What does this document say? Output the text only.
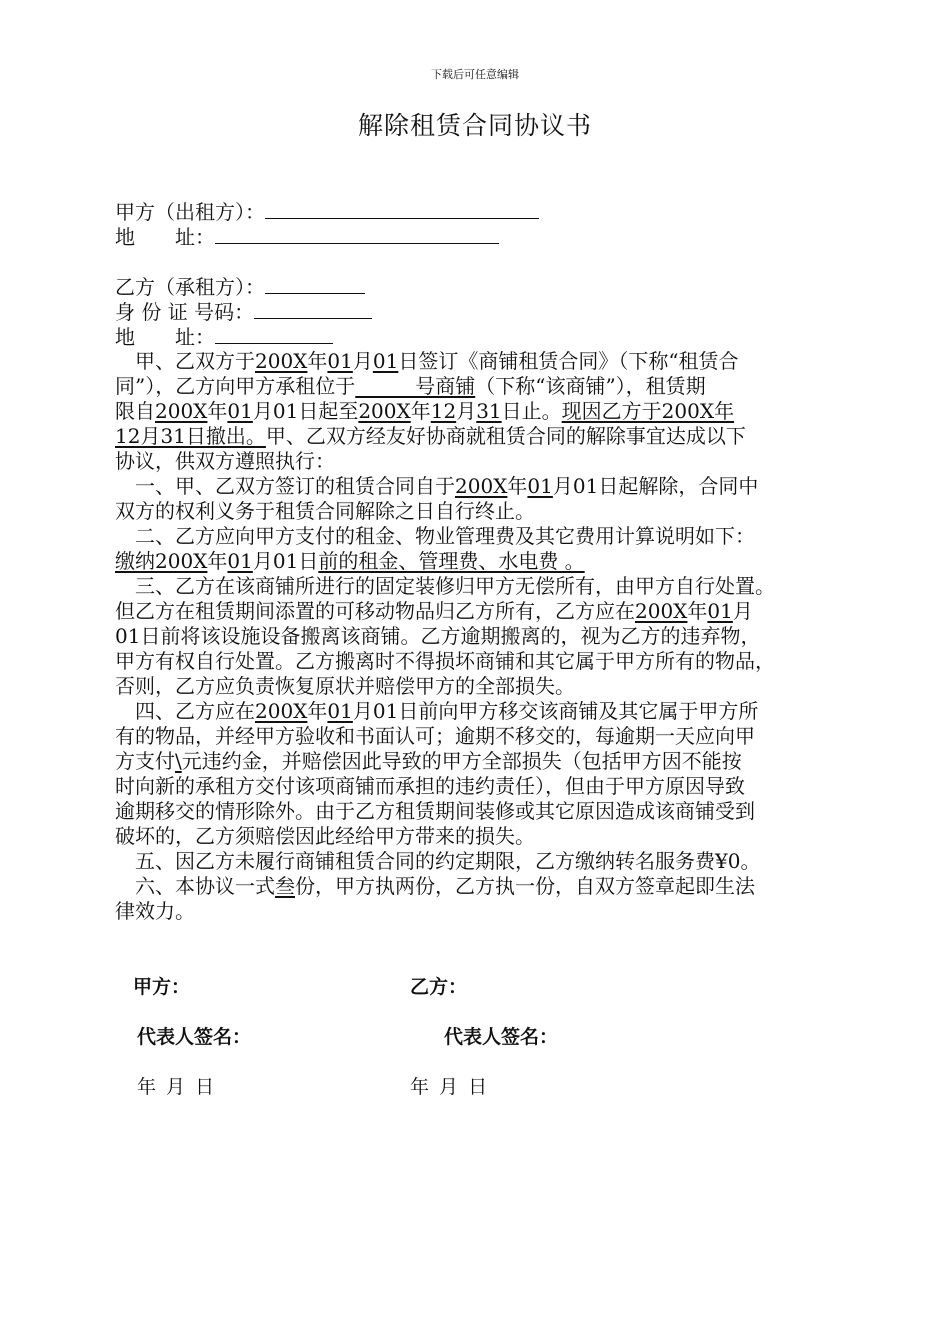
下载后可任意编辑
解除租赁合同协议书
甲方（出租方）：
地　　址：
乙方（承租方）：
身 份 证 号码：
地　　址：
　甲、乙双方于200X年01月01日签订《商铺租赁合同》（下称“租赁合
同”），乙方向甲方承租位于　　　号商铺（下称“该商铺”），租赁期
限自200X年01月01日起至200X年12月31日止。现因乙方于200X年
12月31日撤出。甲、乙双方经友好协商就租赁合同的解除事宜达成以下
协议，供双方遵照执行：
　一、甲、乙双方签订的租赁合同自于200X年01月01日起解除，合同中
双方的权利义务于租赁合同解除之日自行终止。
　二、乙方应向甲方支付的租金、物业管理费及其它费用计算说明如下：
缴纳200X年01月01日前的租金、管理费、水电费 。
　三、乙方在该商铺所进行的固定装修归甲方无偿所有，由甲方自行处置。
但乙方在租赁期间添置的可移动物品归乙方所有，乙方应在200X年01月
01日前将该设施设备搬离该商铺。乙方逾期搬离的，视为乙方的违弃物，
甲方有权自行处置。乙方搬离时不得损坏商铺和其它属于甲方所有的物品，
否则，乙方应负责恢复原状并赔偿甲方的全部损失。
　四、乙方应在200X年01月01日前向甲方移交该商铺及其它属于甲方所
有的物品，并经甲方验收和书面认可；逾期不移交的，每逾期一天应向甲
方支付\元违约金，并赔偿因此导致的甲方全部损失（包括甲方因不能按
时向新的承租方交付该项商铺而承担的违约责任），但由于甲方原因导致
逾期移交的情形除外。由于乙方租赁期间装修或其它原因造成该商铺受到
破坏的，乙方须赔偿因此经给甲方带来的损失。
　五、因乙方未履行商铺租赁合同的约定期限，乙方缴纳转名服务费¥0。
　六、本协议一式叁份，甲方执两份，乙方执一份，自双方签章起即生法
律效力。
甲方：	乙方：
代表人签名：	代表人签名：
年 月 日	年 月 日
